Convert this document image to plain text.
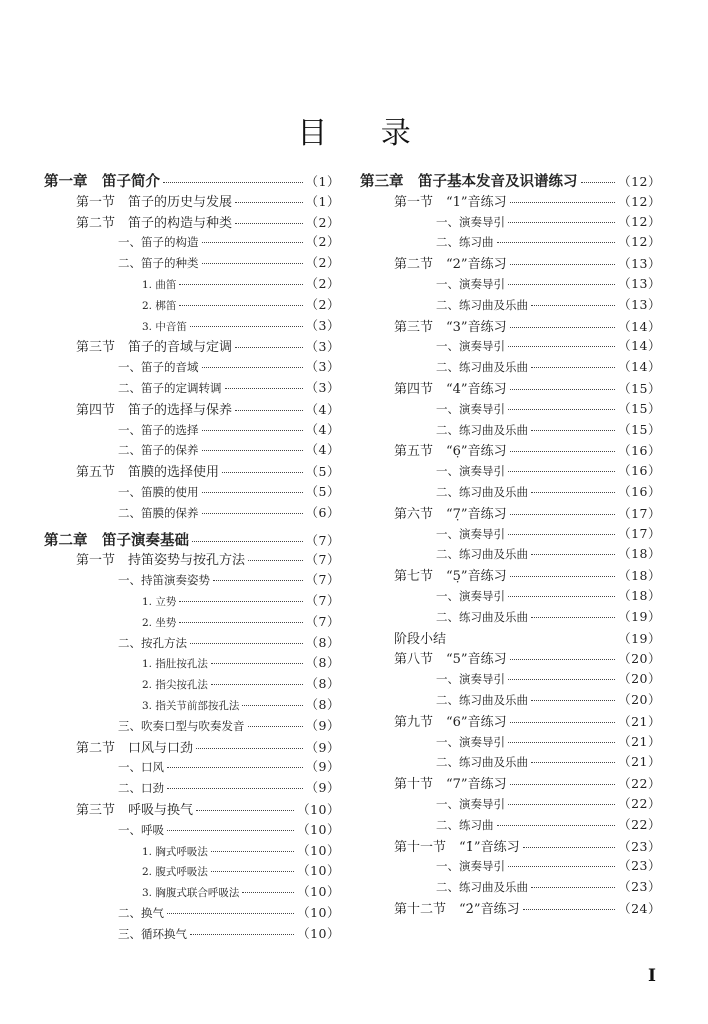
目 录
第一章　笛子简介	（1）
第一节　笛子的历史与发展	（1）
第二节　笛子的构造与种类	（2）
一、笛子的构造	（2）
二、笛子的种类	（2）
1. 曲笛	（2）
2. 梆笛	（2）
3. 中音笛	（3）
第三节　笛子的音域与定调	（3）
一、笛子的音域	（3）
二、笛子的定调转调	（3）
第四节　笛子的选择与保养	（4）
一、笛子的选择	（4）
二、笛子的保养	（4）
第五节　笛膜的选择使用	（5）
一、笛膜的使用	（5）
二、笛膜的保养	（6）
第二章　笛子演奏基础	（7）
第一节　持笛姿势与按孔方法	（7）
一、持笛演奏姿势	（7）
1. 立势	（7）
2. 坐势	（7）
二、按孔方法	（8）
1. 指肚按孔法	（8）
2. 指尖按孔法	（8）
3. 指关节前部按孔法	（8）
三、吹奏口型与吹奏发音	（9）
第二节　口风与口劲	（9）
一、口风	（9）
二、口劲	（9）
第三节　呼吸与换气	（10）
一、呼吸	（10）
1. 胸式呼吸法	（10）
2. 腹式呼吸法	（10）
3. 胸腹式联合呼吸法	（10）
二、换气	（10）
三、循环换气	（10）
第三章　笛子基本发音及识谱练习	（12）
第一节　“1”音练习	（12）
一、演奏导引	（12）
二、练习曲	（12）
第二节　“2”音练习	（13）
一、演奏导引	（13）
二、练习曲及乐曲	（13）
第三节　“3”音练习	（14）
一、演奏导引	（14）
二、练习曲及乐曲	（14）
第四节　“4”音练习	（15）
一、演奏导引	（15）
二、练习曲及乐曲	（15）
第五节　“6̣”音练习	（16）
一、演奏导引	（16）
二、练习曲及乐曲	（16）
第六节　“7̣”音练习	（17）
一、演奏导引	（17）
二、练习曲及乐曲	（18）
第七节　“5̣”音练习	（18）
一、演奏导引	（18）
二、练习曲及乐曲	（19）
阶段小结	（19）
第八节　“5”音练习	（20）
一、演奏导引	（20）
二、练习曲及乐曲	（20）
第九节　“6”音练习	（21）
一、演奏导引	（21）
二、练习曲及乐曲	（21）
第十节　“7”音练习	（22）
一、演奏导引	（22）
二、练习曲	（22）
第十一节　“1̇”音练习	（23）
一、演奏导引	（23）
二、练习曲及乐曲	（23）
第十二节　“2̇”音练习	（24）
I
